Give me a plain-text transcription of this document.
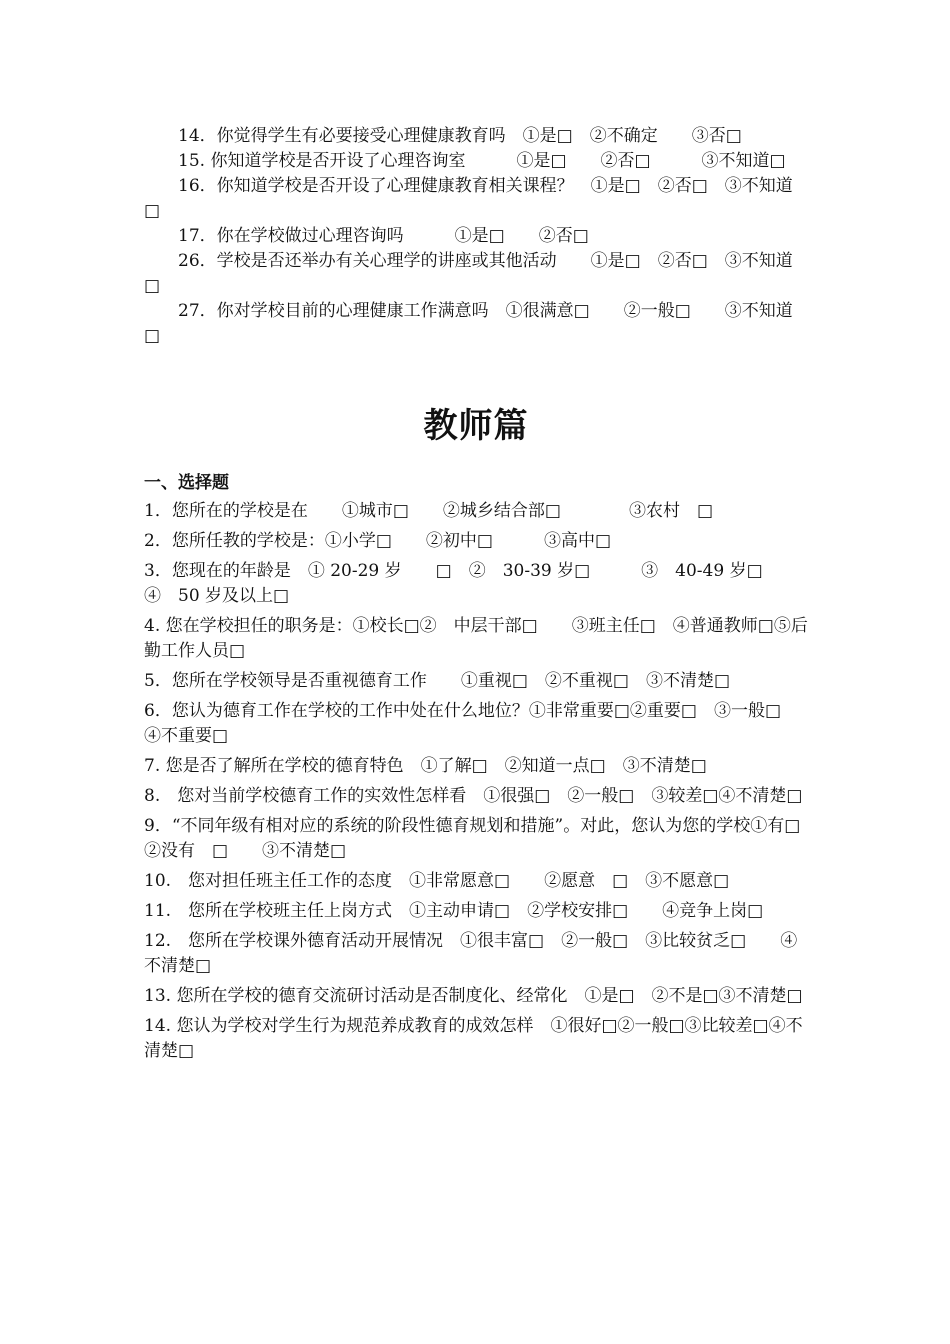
14．你觉得学生有必要接受心理健康教育吗　①是□　②不确定　　③否□

15. 你知道学校是否开设了心理咨询室　　　①是□　　②否□　　　③不知道□

16．你知道学校是否开设了心理健康教育相关课程？　①是□　②否□　③不知道□

17．你在学校做过心理咨询吗　　　①是□　　②否□

26．学校是否还举办有关心理学的讲座或其他活动　　①是□　②否□　③不知道□

27．你对学校目前的心理健康工作满意吗　①很满意□　　②一般□　　③不知道□

教师篇
一、选择题

1．您所在的学校是在　　①城市□　　②城乡结合部□　　　　③农村　□

2．您所任教的学校是：①小学□　　②初中□　　　③高中□

3．您现在的年龄是　① 20-29 岁　　□　②　30-39 岁□　　　③　40-49 岁□　　④　50 岁及以上□

4. 您在学校担任的职务是：①校长□②　中层干部□　　③班主任□　④普通教师□⑤后勤工作人员□

5．您所在学校领导是否重视德育工作　　①重视□　②不重视□　③不清楚□

6．您认为德育工作在学校的工作中处在什么地位？①非常重要□②重要□　③一般□　④不重要□

7. 您是否了解所在学校的德育特色　①了解□　②知道一点□　③不清楚□

8.　您对当前学校德育工作的实效性怎样看　①很强□　②一般□　③较差□④不清楚□

9．“不同年级有相对应的系统的阶段性德育规划和措施”。对此，您认为您的学校①有□　　②没有　□　　③不清楚□

10.　您对担任班主任工作的态度　①非常愿意□　　②愿意　□　③不愿意□

11.　您所在学校班主任上岗方式　①主动申请□　②学校安排□　　④竞争上岗□

12.　您所在学校课外德育活动开展情况　①很丰富□　②一般□　③比较贫乏□　　④不清楚□

13. 您所在学校的德育交流研讨活动是否制度化、经常化　①是□　②不是□③不清楚□

14. 您认为学校对学生行为规范养成教育的成效怎样　①很好□②一般□③比较差□④不清楚□
